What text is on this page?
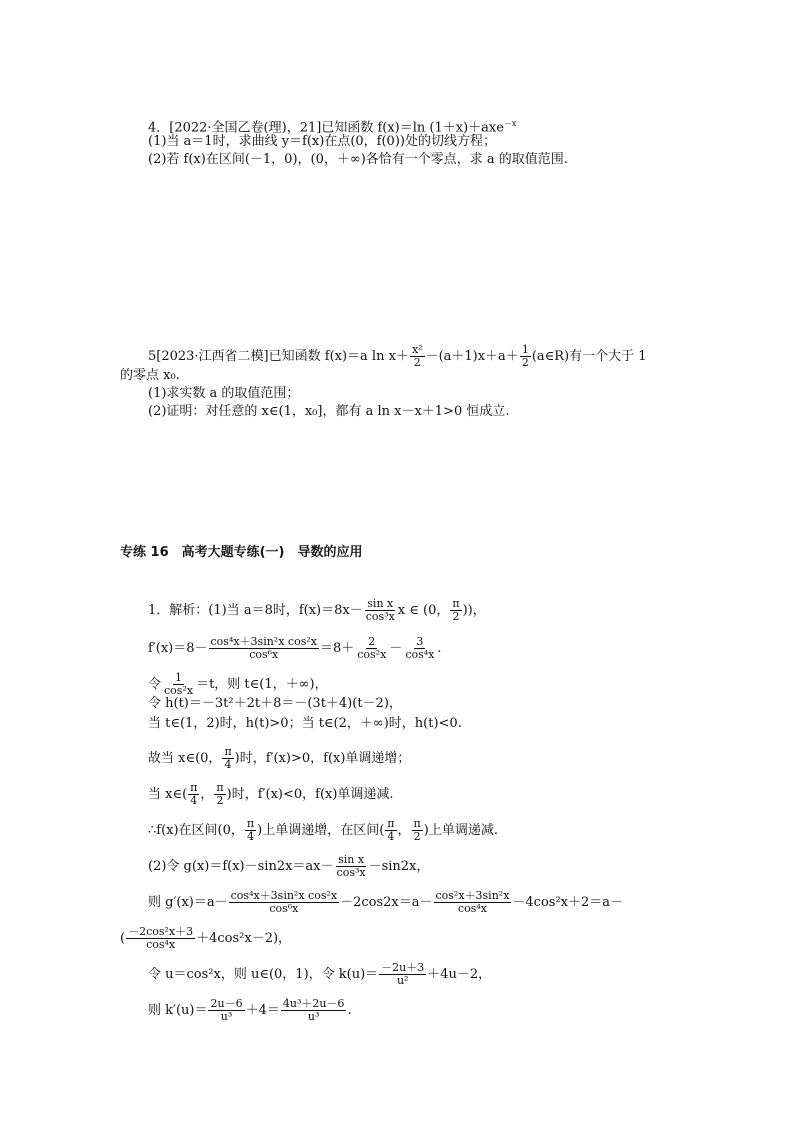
4．[2022·全国乙卷(理)，21]已知函数 f(x)＝ln (1＋x)＋axe$^{-x}$
(1)当 a＝1时，求曲线 y＝f(x)在点(0，f(0))处的切线方程；
(2)若 f(x)在区间(－1，0)，(0，＋∞)各恰有一个零点，求 a 的取值范围.
5[2023·江西省二模]已知函数 f(x)＝a $\ln x+ \frac{\text{x²}}{2} -(a+1)x+a+ \frac{1}{2}$ (a∈R)有一个大于 1
的零点 x₀.
(1)求实数 a 的取值范围；
(2)证明：对任意的 x∈(1，x₀]，都有 a ln x－x＋1>0 恒成立.
专练 16　高考大题专练(一)　导数的应用
1．解析：(1)当 a＝8时，$f(x)=8x- \frac{\text{sin x}}{\text{cos³x}}$ x ∈ (0， $\frac{\pi}{2}$ ))，
$f'(x)=8- \frac{\text{cos⁴x＋3sin²x cos²x}}{\text{cos⁶x}} =8+ \frac{2}{\text{cos²x}} - \frac{3}{\text{cos⁴x}}$ .
令 $\frac{1}{\text{cos²x}} =t$，则 t∈(1，＋∞)，
令 h(t)＝－3t²＋2t＋8＝－(3t＋4)(t－2)，
当 t∈(1，2)时，h(t)>0；当 t∈(2，＋∞)时，h(t)<0.
故当 x∈(0， $\frac{\pi}{4}$ )时，f′(x)>0，f(x)单调递增；
当 x∈( $\frac{\pi}{4}$ ， $\frac{\pi}{2}$ )时，f′(x)<0，f(x)单调递减.
∴f(x)在区间(0， $\frac{\pi}{4}$ )上单调递增，在区间( $\frac{\pi}{4}$ ， $\frac{\pi}{2}$ )上单调递减.
(2)令 $g(x)=f(x)-\sin 2x=ax- \frac{\text{sin x}}{\text{cos³x}} -\sin 2x$，
则 $g'(x)=a- \frac{\text{cos⁴x＋3sin²x cos²x}}{\text{cos⁶x}} -2\cos 2x=a- \frac{\text{cos²x＋3sin²x}}{\text{cos⁴x}} -4\cos^2x+2=a-$
( $\frac{\text{－2cos²x＋3}}{\text{cos⁴x}} +4\cos^2x-2$)，
令 u＝cos²x，则 u∈(0，1)，令 $k(u)= \frac{-2u+3}{\text{u²}} +4u-2$，
则 $k'(u)= \frac{2u-6}{\text{u³}} +4= \frac{\text{4u³＋2u－6}}{\text{u³}}$ .
